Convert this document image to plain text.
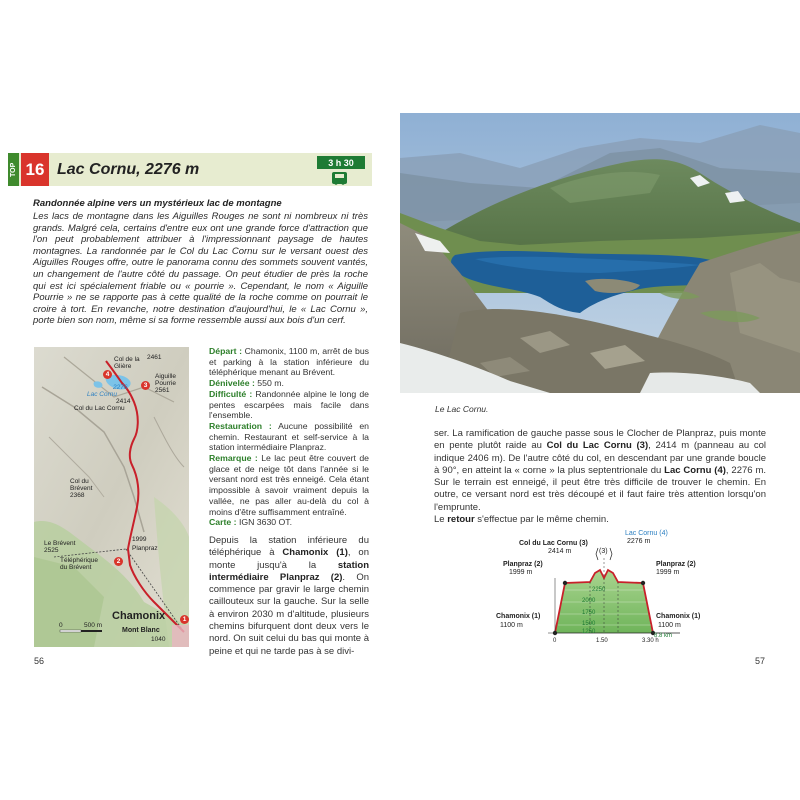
TOP 16 Lac Cornu, 2276 m	3 h 30
Randonnée alpine vers un mystérieux lac de montagne
Les lacs de montagne dans les Aiguilles Rouges ne sont ni nombreux ni très grands. Malgré cela, certains d'entre eux ont une grande force d'attraction que l'on peut probablement attribuer à l'impressionnant paysage de hautes montagnes. La randonnée par le Col du Lac Cornu sur le versant ouest des Aiguilles Rouges offre, outre le panorama connu des sommets souvent vantés, un changement de l'autre côté du passage. On peut étudier de près la roche qui est ici spécialement friable ou « pourrie ». Cependant, le nom « Aiguille Pourrie » ne se rapporte pas à cette qualité de la roche comme on pourrait le croire à tort. En revanche, notre destination d'aujourd'hui, le « Lac Cornu », porte bien son nom, même si sa forme ressemble aussi aux bois d'un cerf.
Col de la
Glière
2461
Aiguille
Pourrie
2561
2276
Lac Cornu
2414
Col du Lac Cornu
Col du
Brévent
2368
1999
Planpraz
Le Brévent
2525
Téléphérique
du Brévent
Chamonix
Mont Blanc
1040
0	500 m
1
2
3
4

Départ : Chamonix, 1100 m, arrêt de bus et parking à la station inférieure du téléphérique menant au Brévent.

Dénivelée : 550 m.

Difficulté : Randonnée alpine le long de pentes escarpées mais facile dans l'ensemble.

Restauration : Aucune possibilité en chemin. Restaurant et self-service à la station intermédiaire Planpraz.

Remarque : Le lac peut être couvert de glace et de neige tôt dans l'année si le versant nord est très enneigé. Cela étant impossible à savoir vraiment depuis la vallée, ne pas aller au-delà du col à moins d'être suffisamment entraîné.

Carte : IGN 3630 OT.

Depuis la station inférieure du téléphérique à Chamonix (1), on monte jusqu'à la station intermédiaire Planpraz (2). On commence par gravir le large chemin caillouteux sur la gauche. Sur la selle à environ 2030 m d'altitude, plusieurs chemins bifurquent dont deux vers le nord. On suit celui du bas qui monte à peine et qui ne tarde pas à se divi-
56
Le Lac Cornu.
ser. La ramification de gauche passe sous le Clocher de Planpraz, puis monte en pente plutôt raide au Col du Lac Cornu (3), 2414 m (panneau au col indique 2406 m). De l'autre côté du col, en descendant par une grande boucle à 90°, en atteint la « corne » la plus septentrionale du Lac Cornu (4), 2276 m. Sur le terrain est enneigé, il peut être très difficile de trouver le chemin. En outre, ce versant nord est très découpé et il faut faire très attention lorsqu'on l'emprunte.
Le retour s'effectue par le même chemin.
Lac Cornu (4)
2276 m
Col du Lac Cornu (3)
2414 m	(3)
Planpraz (2)
1999 m
Planpraz (2)
1999 m
Chamonix (1)
1100 m
Chamonix (1)
1100 m
2250
2000
1750
1500
1250
0	1.50	3.30 h
8.8 km
57
